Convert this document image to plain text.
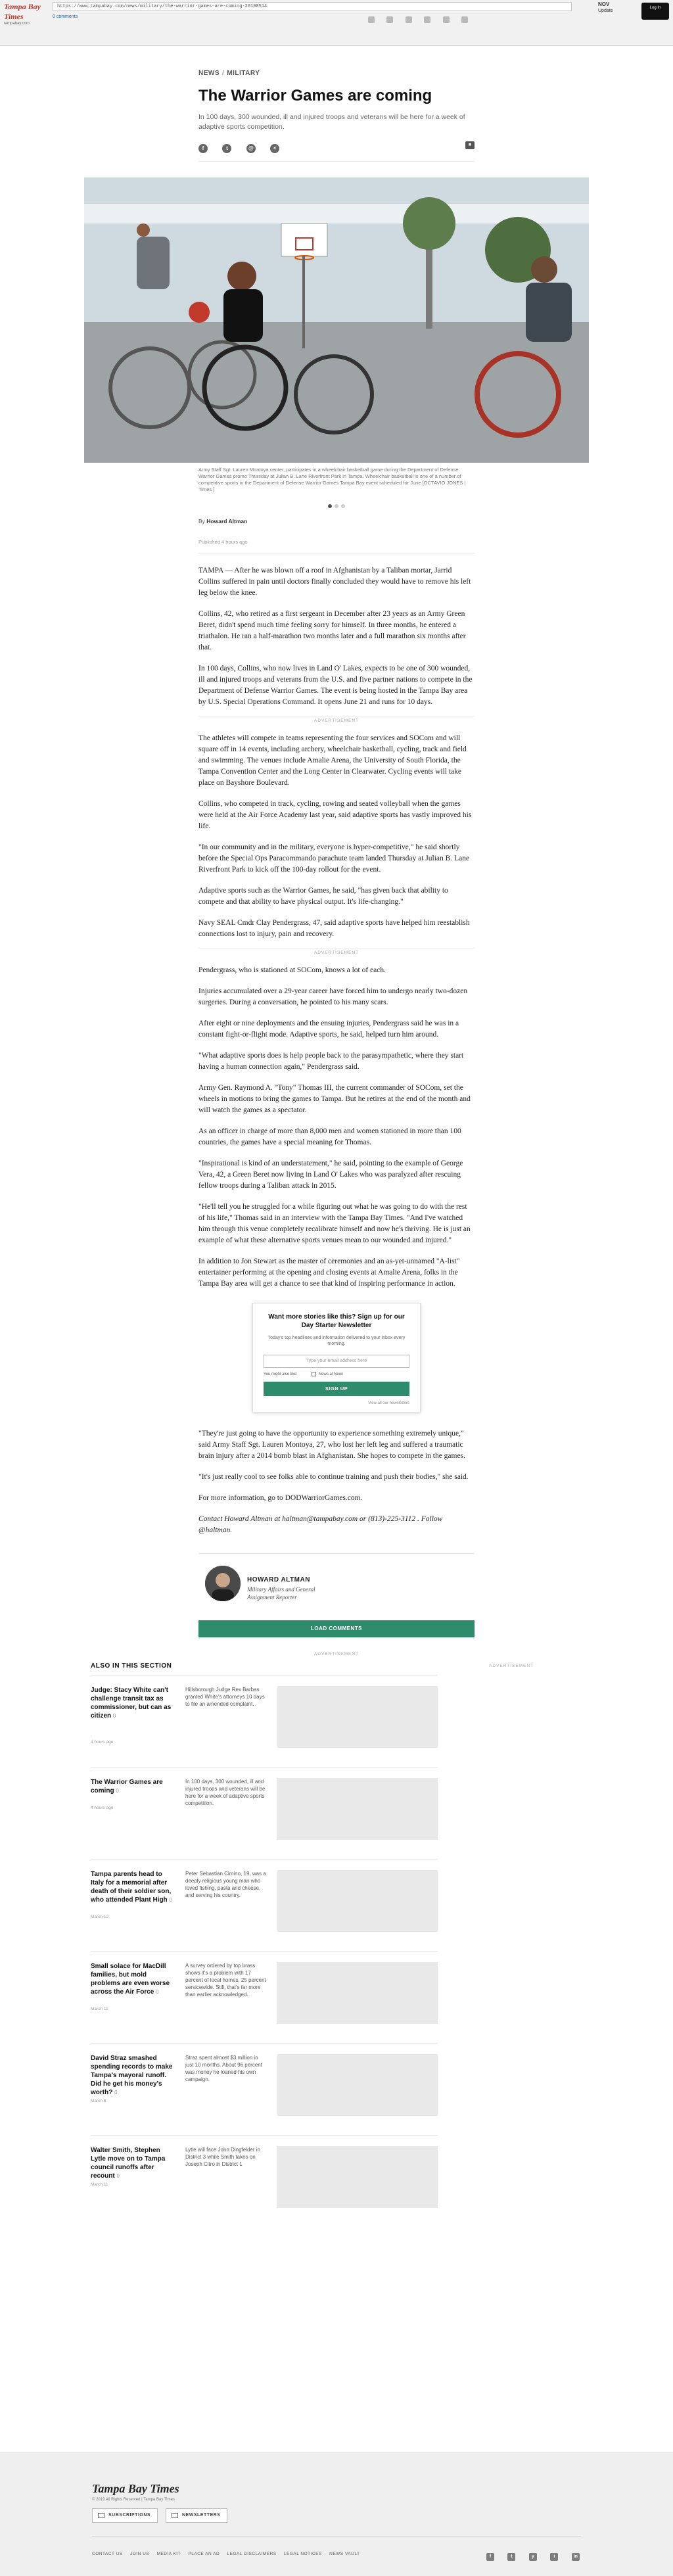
Tampa Bay Times
tampabay.com
https://www.tampabay.com/news/military/the-warrior-games-are-coming-20190514
0 comments

NOV
Update
Log In
NEWS / MILITARY
The Warrior Games are coming

In 100 days, 300 wounded, ill and injured troops and veterans will be here for a week of adaptive sports competition.

f	t	@	<
■
Army Staff Sgt. Lauren Montoya center, participates in a wheelchair basketball game during the Department of Defense Warrior Games promo Thursday at Julian B. Lane Riverfront Park in Tampa. Wheelchair basketball is one of a number of competitive sports in the Department of Defense Warrior Games Tampa Bay event scheduled for June [OCTAVIO JONES | Times ]
By Howard Altman
Published 4 hours ago

TAMPA — After he was blown off a roof in Afghanistan by a Taliban mortar, Jarrid Collins suffered in pain until doctors finally concluded they would have to remove his left leg below the knee.

Collins, 42, who retired as a first sergeant in December after 23 years as an Army Green Beret, didn't spend much time feeling sorry for himself. In three months, he entered a triathalon. He ran a half-marathon two months later and a full marathon six months after that.

In 100 days, Collins, who now lives in Land O' Lakes, expects to be one of 300 wounded, ill and injured troops and veterans from the U.S. and five partner nations to compete in the Department of Defense Warrior Games. The event is being hosted in the Tampa Bay area by U.S. Special Operations Command. It opens June 21 and runs for 10 days.

ADVERTISEMENT

The athletes will compete in teams representing the four services and SOCom and will square off in 14 events, including archery, wheelchair basketball, cycling, track and field and swimming. The venues include Amalie Arena, the University of South Florida, the Tampa Convention Center and the Long Center in Clearwater. Cycling events will take place on Bayshore Boulevard.

Collins, who competed in track, cycling, rowing and seated volleyball when the games were held at the Air Force Academy last year, said adaptive sports has vastly improved his life.

"In our community and in the military, everyone is hyper-competitive," he said shortly before the Special Ops Paracommando parachute team landed Thursday at Julian B. Lane Riverfront Park to kick off the 100-day rollout for the event.

Adaptive sports such as the Warrior Games, he said, "has given back that ability to compete and that ability to have physical output. It's life-changing."

Navy SEAL Cmdr Clay Pendergrass, 47, said adaptive sports have helped him reestablish connections lost to injury, pain and recovery.

ADVERTISEMENT

Pendergrass, who is stationed at SOCom, knows a lot of each.

Injuries accumulated over a 29-year career have forced him to undergo nearly two-dozen surgeries. During a conversation, he pointed to his many scars.

After eight or nine deployments and the ensuing injuries, Pendergrass said he was in a constant fight-or-flight mode. Adaptive sports, he said, helped turn him around.

"What adaptive sports does is help people back to the parasympathetic, where they start having a human connection again," Pendergrass said.

Army Gen. Raymond A. "Tony" Thomas III, the current commander of SOCom, set the wheels in motions to bring the games to Tampa. But he retires at the end of the month and will watch the games as a spectator.

As an officer in charge of more than 8,000 men and women stationed in more than 100 countries, the games have a special meaning for Thomas.

"Inspirational is kind of an understatement," he said, pointing to the example of George Vera, 42, a Green Beret now living in Land O' Lakes who was paralyzed after rescuing fellow troops during a Taliban attack in 2015.

"He'll tell you he struggled for a while figuring out what he was going to do with the rest of his life," Thomas said in an interview with the Tampa Bay Times. "And I've watched him through this venue completely recalibrate himself and now he's thriving. He is just an example of what these alternative sports venues mean to our wounded and injured."

In addition to Jon Stewart as the master of ceremonies and an as-yet-unnamed "A-list" entertainer performing at the opening and closing events at Amalie Arena, folks in the Tampa Bay area will get a chance to see that kind of inspiring performance in action.

Want more stories like this? Sign up for our Day Starter Newsletter
Today's top headlines and information delivered to your inbox every morning.
Type your email address here
You might also like:	News at Noon
SIGN UP
View all our newsletters

"They're just going to have the opportunity to experience something extremely unique," said Army Staff Sgt. Lauren Montoya, 27, who lost her left leg and suffered a traumatic brain injury after a 2014 bomb blast in Afghanistan. She hopes to compete in the games.

"It's just really cool to see folks able to continue training and push their bodies," she said.

For more information, go to DODWarriorGames.com.

Contact Howard Altman at haltman@tampabay.com or (813)-225-3112 . Follow @haltman.

HOWARD ALTMAN
Military Affairs and General Assignment Reporter
LOAD COMMENTS
ADVERTISEMENT
ADVERTISEMENT
ALSO IN THIS SECTION
Judge: Stacy White can't challenge transit tax as commissioner, but can as citizen 0
4 hours ago
Hillsborough Judge Rex Barbas granted White's attorneys 10 days to file an amended complaint.
The Warrior Games are coming 0
4 hours ago
In 100 days, 300 wounded, ill and injured troops and veterans will be here for a week of adaptive sports competition.
Tampa parents head to Italy for a memorial after death of their soldier son, who attended Plant High 0
March 12
Peter Sebastian Cimino, 19, was a deeply religious young man who loved fishing, pasta and cheese, and serving his country.
Small solace for MacDill families, but mold problems are even worse across the Air Force 0
March 11
A survey ordered by top brass shows it's a problem with 17 percent of local homes, 25 percent servicewide. Still, that's far more than earlier acknowledged.
David Straz smashed spending records to make Tampa's mayoral runoff. Did he get his money's worth? 0
March 8
Straz spent almost $3 million in just 10 months. About 96 percent was money he loaned his own campaign.
Walter Smith, Stephen Lytle move on to Tampa council runoffs after recount 0
March 11
Lytle will face John Dingfelder in District 3 while Smith takes on Joseph Citro in District 1
Tampa Bay Times
© 2019 All Rights Reserved | Tampa Bay Times
SUBSCRIPTIONS	NEWSLETTERS
CONTACT US JOIN US MEDIA KIT PLACE AN AD LEGAL DISCLAIMERS LEGAL NOTICES NEWS VAULT
f	t	y	i	in
